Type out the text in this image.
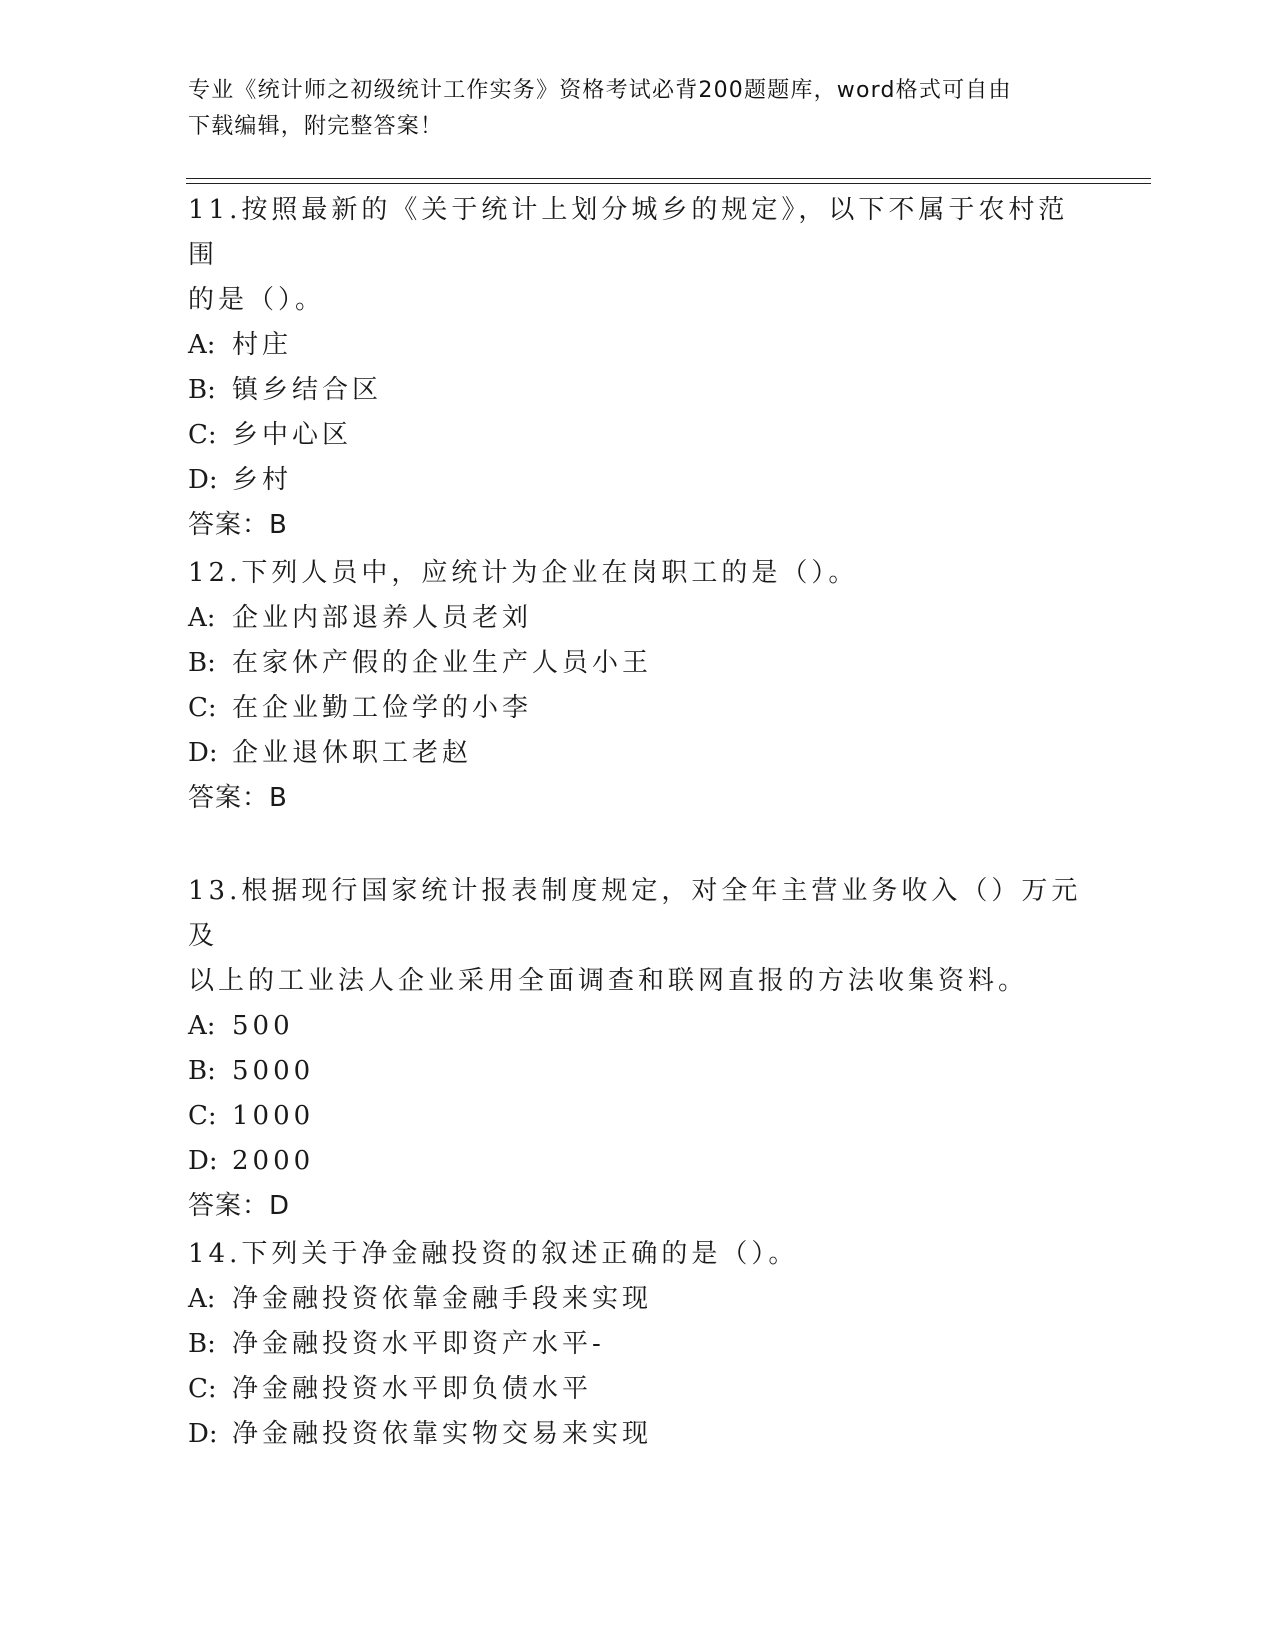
专业《统计师之初级统计工作实务》资格考试必背200题题库，word格式可自由
下载编辑，附完整答案！

11.按照最新的《关于统计上划分城乡的规定》，以下不属于农村范围

的是（）。

A: 村庄

B: 镇乡结合区

C: 乡中心区

D: 乡村

答案：B

12.下列人员中，应统计为企业在岗职工的是（）。

A: 企业内部退养人员老刘

B: 在家休产假的企业生产人员小王

C: 在企业勤工俭学的小李

D: 企业退休职工老赵

答案：B

13.根据现行国家统计报表制度规定，对全年主营业务收入（）万元及

以上的工业法人企业采用全面调查和联网直报的方法收集资料。

A: 500

B: 5000

C: 1000

D: 2000

答案：D

14.下列关于净金融投资的叙述正确的是（）。

A: 净金融投资依靠金融手段来实现

B: 净金融投资水平即资产水平-

C: 净金融投资水平即负债水平

D: 净金融投资依靠实物交易来实现
